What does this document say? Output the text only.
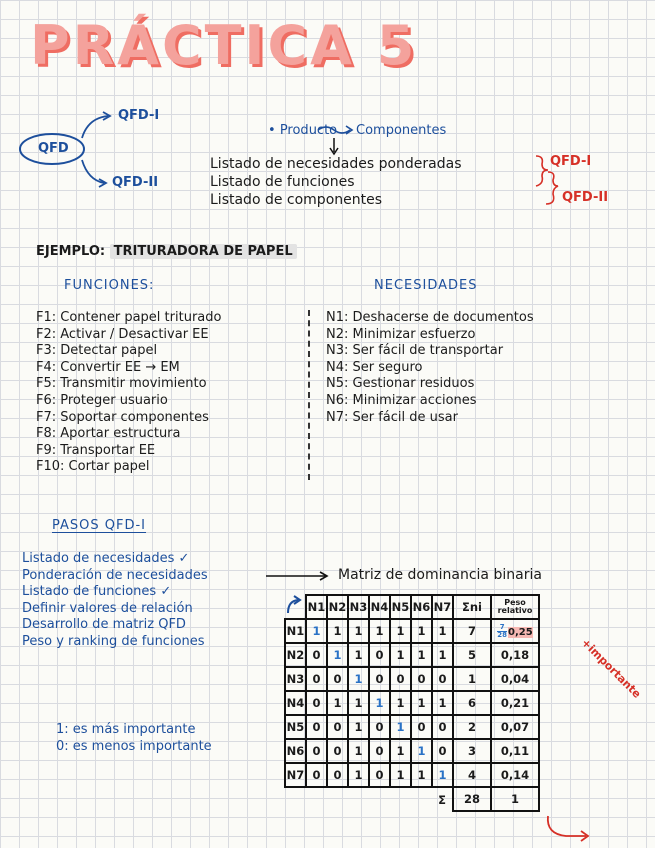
PRÁCTICA 5
QFD
QFD-I
QFD-II
• Producto Componentes
Listado de necesidades ponderadas
Listado de funciones
Listado de componentes
QFD-I
QFD-II
EJEMPLO: TRITURADORA DE PAPEL
FUNCIONES:	NECESIDADES
F1: Contener papel triturado
F2: Activar / Desactivar EE
F3: Detectar papel
F4: Convertir EE → EM
F5: Transmitir movimiento
F6: Proteger usuario
F7: Soportar componentes
F8: Aportar estructura
F9: Transportar EE
F10: Cortar papel
N1: Deshacerse de documentos
N2: Minimizar esfuerzo
N3: Ser fácil de transportar
N4: Ser seguro
N5: Gestionar residuos
N6: Minimizar acciones
N7: Ser fácil de usar
PASOS QFD-I
Listado de necesidades ✓
Ponderación de necesidades
Listado de funciones ✓
Definir valores de relación
Desarrollo de matriz QFD
Peso y ranking de funciones
Matriz de dominancia binaria
1: es más importante
0: es menos importante
	N1	N2	N3	N4	N5	N6	N7	Σni	Peso relativo
N1	1	1	1	1	1	1	1	7	$\frac{7}{28} 0,25$
N2	0	1	1	0	1	1	1	5	0,18
N3	0	0	1	0	0	0	0	1	0,04
N4	0	1	1	1	1	1	1	6	0,21
N5	0	0	1	0	1	0	0	2	0,07
N6	0	0	1	0	1	1	0	3	0,11
N7	0	0	1	0	1	1	1	4	0,14
							Σ	28	1
+importante
